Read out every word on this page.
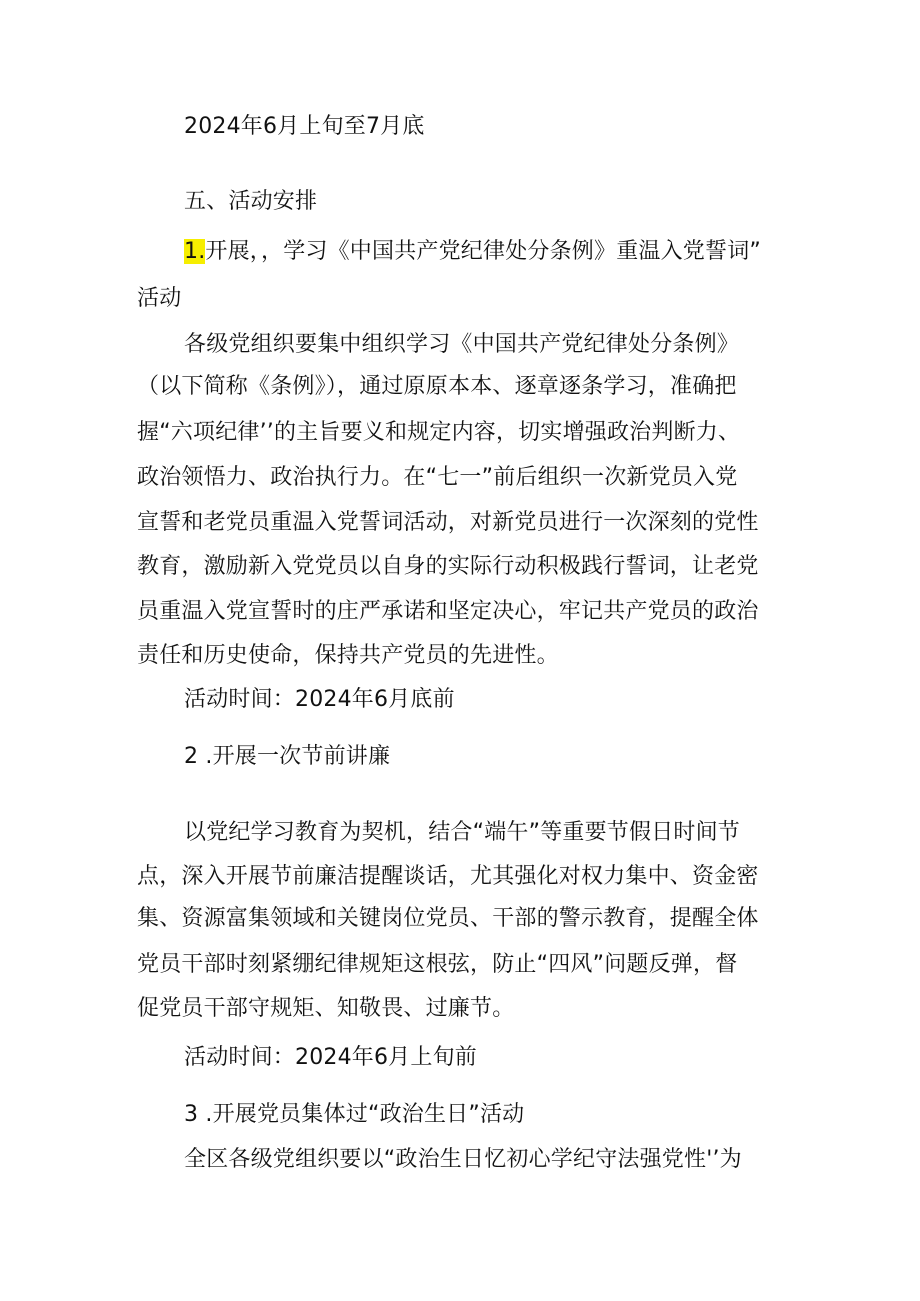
2024年6月上旬至7月底
五、活动安排
1.开展，，学习《中国共产党纪律处分条例》重温入党誓词”
活动
各级党组织要集中组织学习《中国共产党纪律处分条例》
（以下简称《条例》），通过原原本本、逐章逐条学习，准确把
握“六项纪律’’的主旨要义和规定内容，切实增强政治判断力、
政治领悟力、政治执行力。在“七一”前后组织一次新党员入党
宣誓和老党员重温入党誓词活动，对新党员进行一次深刻的党性
教育，激励新入党党员以自身的实际行动积极践行誓词，让老党
员重温入党宣誓时的庄严承诺和坚定决心，牢记共产党员的政治
责任和历史使命，保持共产党员的先进性。
活动时间：2024年6月底前
2 .开展一次节前讲廉
以党纪学习教育为契机，结合“端午”等重要节假日时间节
点，深入开展节前廉洁提醒谈话，尤其强化对权力集中、资金密
集、资源富集领域和关键岗位党员、干部的警示教育，提醒全体
党员干部时刻紧绷纪律规矩这根弦，防止“四风”问题反弹，督
促党员干部守规矩、知敬畏、过廉节。
活动时间：2024年6月上旬前
3 .开展党员集体过“政治生日”活动
全区各级党组织要以“政治生日忆初心学纪守法强党性'’为
